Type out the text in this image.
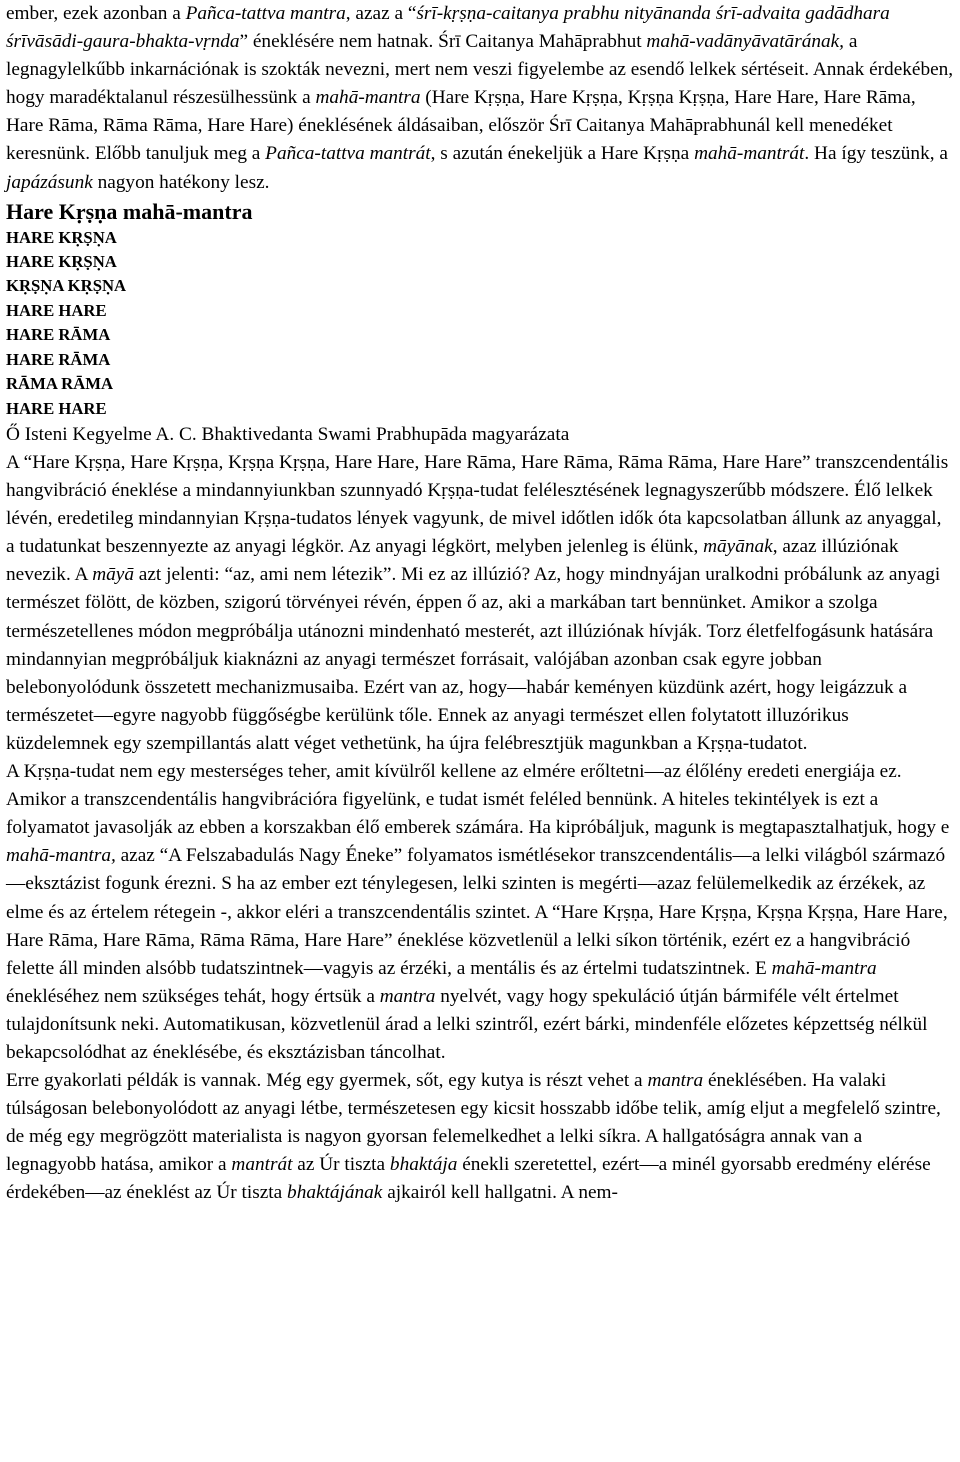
ember, ezek azonban a Pañca-tattva mantra, azaz a “śrī-kṛṣṇa-caitanya prabhu nityānanda śrī-advaita gadādhara śrīvāsādi-gaura-bhakta-vṛnda” éneklésére nem hatnak. Śrī Caitanya Mahāprabhut mahā-vadānyāvatārának, a legnagylelkűbb inkarnációnak is szokták nevezni, mert nem veszi figyelembe az esendő lelkek sértéseit. Annak érdekében, hogy maradéktalanul részesülhessünk a mahā-mantra (Hare Kṛṣṇa, Hare Kṛṣṇa, Kṛṣṇa Kṛṣṇa, Hare Hare, Hare Rāma, Hare Rāma, Rāma Rāma, Hare Hare) éneklésének áldásaiban, először Śrī Caitanya Mahāprabhunál kell menedéket keresnünk. Előbb tanuljuk meg a Pañca-tattva mantrát, s azután énekeljük a Hare Kṛṣṇa mahā-mantrát. Ha így teszünk, a japázásunk nagyon hatékony lesz.

Hare Kṛṣṇa mahā-mantra
HARE KṚṢṆA
HARE KṚṢṆA
KṚṢṆA KṚṢṆA
HARE HARE
HARE RĀMA
HARE RĀMA
RĀMA RĀMA
HARE HARE

Ő Isteni Kegyelme A. C. Bhaktivedanta Swami Prabhupāda magyarázata

A “Hare Kṛṣṇa, Hare Kṛṣṇa, Kṛṣṇa Kṛṣṇa, Hare Hare, Hare Rāma, Hare Rāma, Rāma Rāma, Hare Hare” transzcendentális hangvibráció éneklése a mindannyiunkban szunnyadó Kṛṣṇa-tudat felélesztésének legnagyszerűbb módszere. Élő lelkek lévén, eredetileg mindannyian Kṛṣṇa-tudatos lények vagyunk, de mivel időtlen idők óta kapcsolatban állunk az anyaggal, a tudatunkat beszennyezte az anyagi légkör. Az anyagi légkört, melyben jelenleg is élünk, māyānak, azaz illúziónak nevezik. A māyā azt jelenti: “az, ami nem létezik”. Mi ez az illúzió? Az, hogy mindnyájan uralkodni próbálunk az anyagi természet fölött, de közben, szigorú törvényei révén, éppen ő az, aki a markában tart bennünket. Amikor a szolga természetellenes módon megpróbálja utánozni mindenható mesterét, azt illúziónak hívják. Torz életfelfogásunk hatására mindannyian megpróbáljuk kiaknázni az anyagi természet forrásait, valójában azonban csak egyre jobban belebonyolódunk összetett mechanizmusaiba. Ezért van az, hogy—habár keményen küzdünk azért, hogy leigázzuk a természetet—egyre nagyobb függőségbe kerülünk tőle. Ennek az anyagi természet ellen folytatott illuzórikus küzdelemnek egy szempillantás alatt véget vethetünk, ha újra felébresztjük magunkban a Kṛṣṇa-tudatot.

A Kṛṣṇa-tudat nem egy mesterséges teher, amit kívülről kellene az elmére erőltetni—az élőlény eredeti energiája ez. Amikor a transzcendentális hangvibrációra figyelünk, e tudat ismét feléled bennünk. A hiteles tekintélyek is ezt a folyamatot javasolják az ebben a korszakban élő emberek számára. Ha kipróbáljuk, magunk is megtapasztalhatjuk, hogy e mahā-mantra, azaz “A Felszabadulás Nagy Éneke” folyamatos ismétlésekor transzcendentális—a lelki világból származó—eksztázist fogunk érezni. S ha az ember ezt ténylegesen, lelki szinten is megérti—azaz felülemelkedik az érzékek, az elme és az értelem rétegein -, akkor eléri a transzcendentális szintet. A “Hare Kṛṣṇa, Hare Kṛṣṇa, Kṛṣṇa Kṛṣṇa, Hare Hare, Hare Rāma, Hare Rāma, Rāma Rāma, Hare Hare” éneklése közvetlenül a lelki síkon történik, ezért ez a hangvibráció felette áll minden alsóbb tudatszintnek—vagyis az érzéki, a mentális és az értelmi tudatszintnek. E mahā-mantra énekléséhez nem szükséges tehát, hogy értsük a mantra nyelvét, vagy hogy spekuláció útján bármiféle vélt értelmet tulajdonítsunk neki. Automatikusan, közvetlenül árad a lelki szintről, ezért bárki, mindenféle előzetes képzettség nélkül bekapcsolódhat az éneklésébe, és eksztázisban táncolhat.

Erre gyakorlati példák is vannak. Még egy gyermek, sőt, egy kutya is részt vehet a mantra éneklésében. Ha valaki túlságosan belebonyolódott az anyagi létbe, természetesen egy kicsit hosszabb időbe telik, amíg eljut a megfelelő szintre, de még egy megrögzött materialista is nagyon gyorsan felemelkedhet a lelki síkra. A hallgatóságra annak van a legnagyobb hatása, amikor a mantrát az Úr tiszta bhaktája énekli szeretettel, ezért—a minél gyorsabb eredmény elérése érdekében—az éneklést az Úr tiszta bhaktájának ajkairól kell hallgatni. A nem-
